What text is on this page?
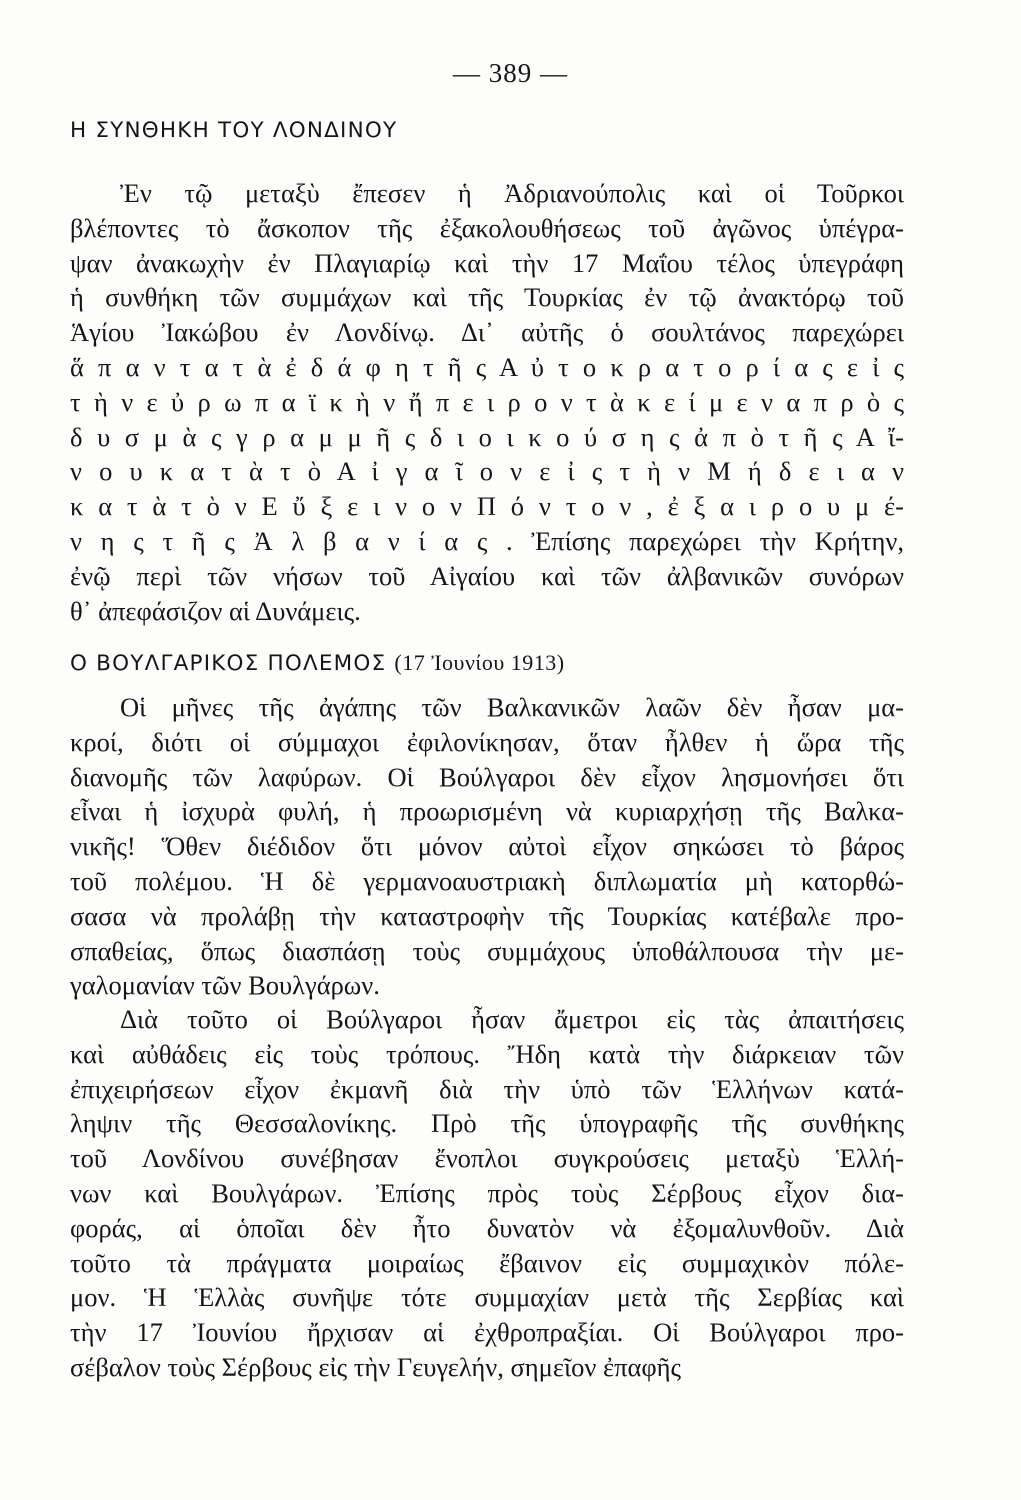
— 389 —
Η ΣΥΝΘΗΚΗ ΤΟΥ ΛΟΝΔΙΝΟΥ
Ἐν τῷ μεταξὺ ἔπεσεν ἡ Ἀδριανούπολις καὶ οἱ Τοῦρκοι
βλέποντες τὸ ἄσκοπον τῆς ἐξακολουθήσεως τοῦ ἀγῶνος ὑπέγρα-
ψαν ἀνακωχὴν ἐν Πλαγιαρίῳ καὶ τὴν 17 Μαΐου τέλος ὑπεγράφη
ἡ συνθήκη τῶν συμμάχων καὶ τῆς Τουρκίας ἐν τῷ ἀνακτόρῳ τοῦ
Ἁγίου Ἰακώβου ἐν Λονδίνῳ. Δι᾽ αὐτῆς ὁ σουλτάνος παρεχώρει
ἅ π α ν τ α τ ὰ ἐ δ ά φ η τ ῆ ς Α ὐ τ ο κ ρ α τ ο ρ ί α ς ε ἰ ς
τ ὴ ν ε ὐ ρ ω π α ϊ κ ὴ ν ἤ π ε ι ρ ο ν τ ὰ κ ε ί μ ε ν α π ρ ὸ ς
δ υ σ μ ὰ ς γ ρ α μ μ ῆ ς δ ι ο ι κ ο ύ σ η ς ἀ π ὸ τ ῆ ς Α ἴ-
ν ο υ κ α τ ὰ τ ὸ Α ἰ γ α ῖ ο ν ε ἰ ς τ ὴ ν Μ ή δ ε ι α ν
κ α τ ὰ τ ὸ ν Ε ὔ ξ ε ι ν ο ν Π ό ν τ ο ν , ἐ ξ α ι ρ ο υ μ έ-
ν η ς τ ῆ ς Ἀ λ β α ν ί α ς . Ἐπίσης παρεχώρει τὴν Κρήτην,
ἐνῷ περὶ τῶν νήσων τοῦ Αἰγαίου καὶ τῶν ἀλβανικῶν συνόρων
θ᾽ ἀπεφάσιζον αἱ Δυνάμεις.
Ο ΒΟΥΛΓΑΡΙΚΟΣ ΠΟΛΕΜΟΣ (17 Ἰουνίου 1913)
Οἱ μῆνες τῆς ἀγάπης τῶν Βαλκανικῶν λαῶν δὲν ἦσαν μα-
κροί, διότι οἱ σύμμαχοι ἐφιλονίκησαν, ὅταν ἦλθεν ἡ ὥρα τῆς
διανομῆς τῶν λαφύρων. Οἱ Βούλγαροι δὲν εἶχον λησμονήσει ὅτι
εἶναι ἡ ἰσχυρὰ φυλή, ἡ προωρισμένη νὰ κυριαρχήσῃ τῆς Βαλκα-
νικῆς! Ὅθεν διέδιδον ὅτι μόνον αὐτοὶ εἶχον σηκώσει τὸ βάρος
τοῦ πολέμου. Ἡ δὲ γερμανοαυστριακὴ διπλωματία μὴ κατορθώ-
σασα νὰ προλάβῃ τὴν καταστροφὴν τῆς Τουρκίας κατέβαλε προ-
σπαθείας, ὅπως διασπάσῃ τοὺς συμμάχους ὑποθάλπουσα τὴν με-
γαλομανίαν τῶν Βουλγάρων.
Διὰ τοῦτο οἱ Βούλγαροι ἦσαν ἄμετροι εἰς τὰς ἀπαιτήσεις
καὶ αὐθάδεις εἰς τοὺς τρόπους. Ἤδη κατὰ τὴν διάρκειαν τῶν
ἐπιχειρήσεων εἶχον ἐκμανῆ διὰ τὴν ὑπὸ τῶν Ἑλλήνων κατά-
ληψιν τῆς Θεσσαλονίκης. Πρὸ τῆς ὑπογραφῆς τῆς συνθήκης
τοῦ Λονδίνου συνέβησαν ἔνοπλοι συγκρούσεις μεταξὺ Ἑλλή-
νων καὶ Βουλγάρων. Ἐπίσης πρὸς τοὺς Σέρβους εἶχον δια-
φοράς, αἱ ὁποῖαι δὲν ἦτο δυνατὸν νὰ ἐξομαλυνθοῦν. Διὰ
τοῦτο τὰ πράγματα μοιραίως ἔβαινον εἰς συμμαχικὸν πόλε-
μον. Ἡ Ἑλλὰς συνῆψε τότε συμμαχίαν μετὰ τῆς Σερβίας καὶ
τὴν 17 Ἰουνίου ἤρχισαν αἱ ἐχθροπραξίαι. Οἱ Βούλγαροι προ-
σέβαλον τοὺς Σέρβους εἰς τὴν Γευγελήν, σημεῖον ἐπαφῆς
